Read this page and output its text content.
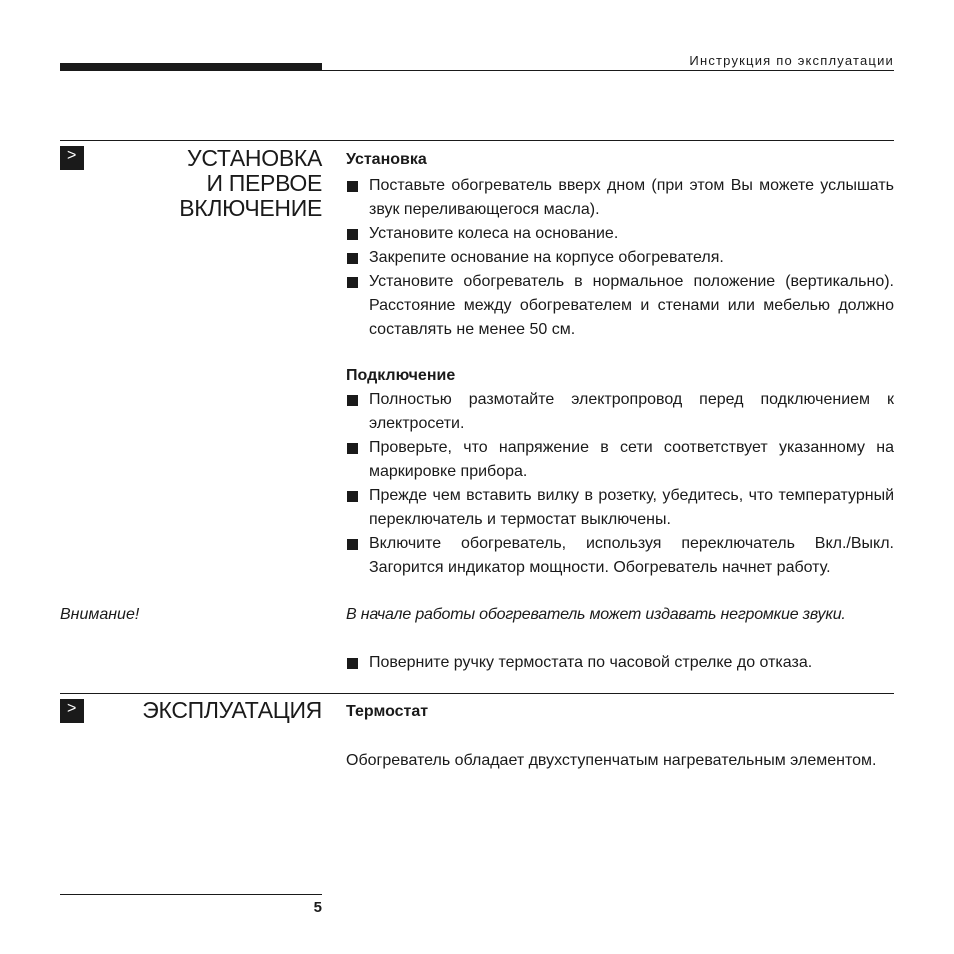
Инструкция по эксплуатации
>	УСТАНОВКА
И ПЕРВОЕ
ВКЛЮЧЕНИЕ
Установка
Поставьте обогреватель вверх дном (при этом Вы можете услышать звук переливающегося масла).
Установите колеса на основание.
Закрепите основание на корпусе обогревателя.
Установите обогреватель в нормальное положение (вертикально). Расстояние между обогревателем и стенами или мебелью должно составлять не менее 50 см.
Подключение
Полностью размотайте электропровод перед подключением к электросети.
Проверьте, что напряжение в сети соответствует указанному на маркировке прибора.
Прежде чем вставить вилку в розетку, убедитесь, что температурный переключатель и термостат выключены.
Включите обогреватель, используя переключатель Вкл./Выкл. Загорится индикатор мощности. Обогреватель начнет работу.
Внимание!	В начале работы обогреватель может издавать негромкие звуки.
Поверните ручку термостата по часовой стрелке до отказа.
>	ЭКСПЛУАТАЦИЯ Термостат
Обогреватель обладает двухступенчатым нагревательным элементом.
5
